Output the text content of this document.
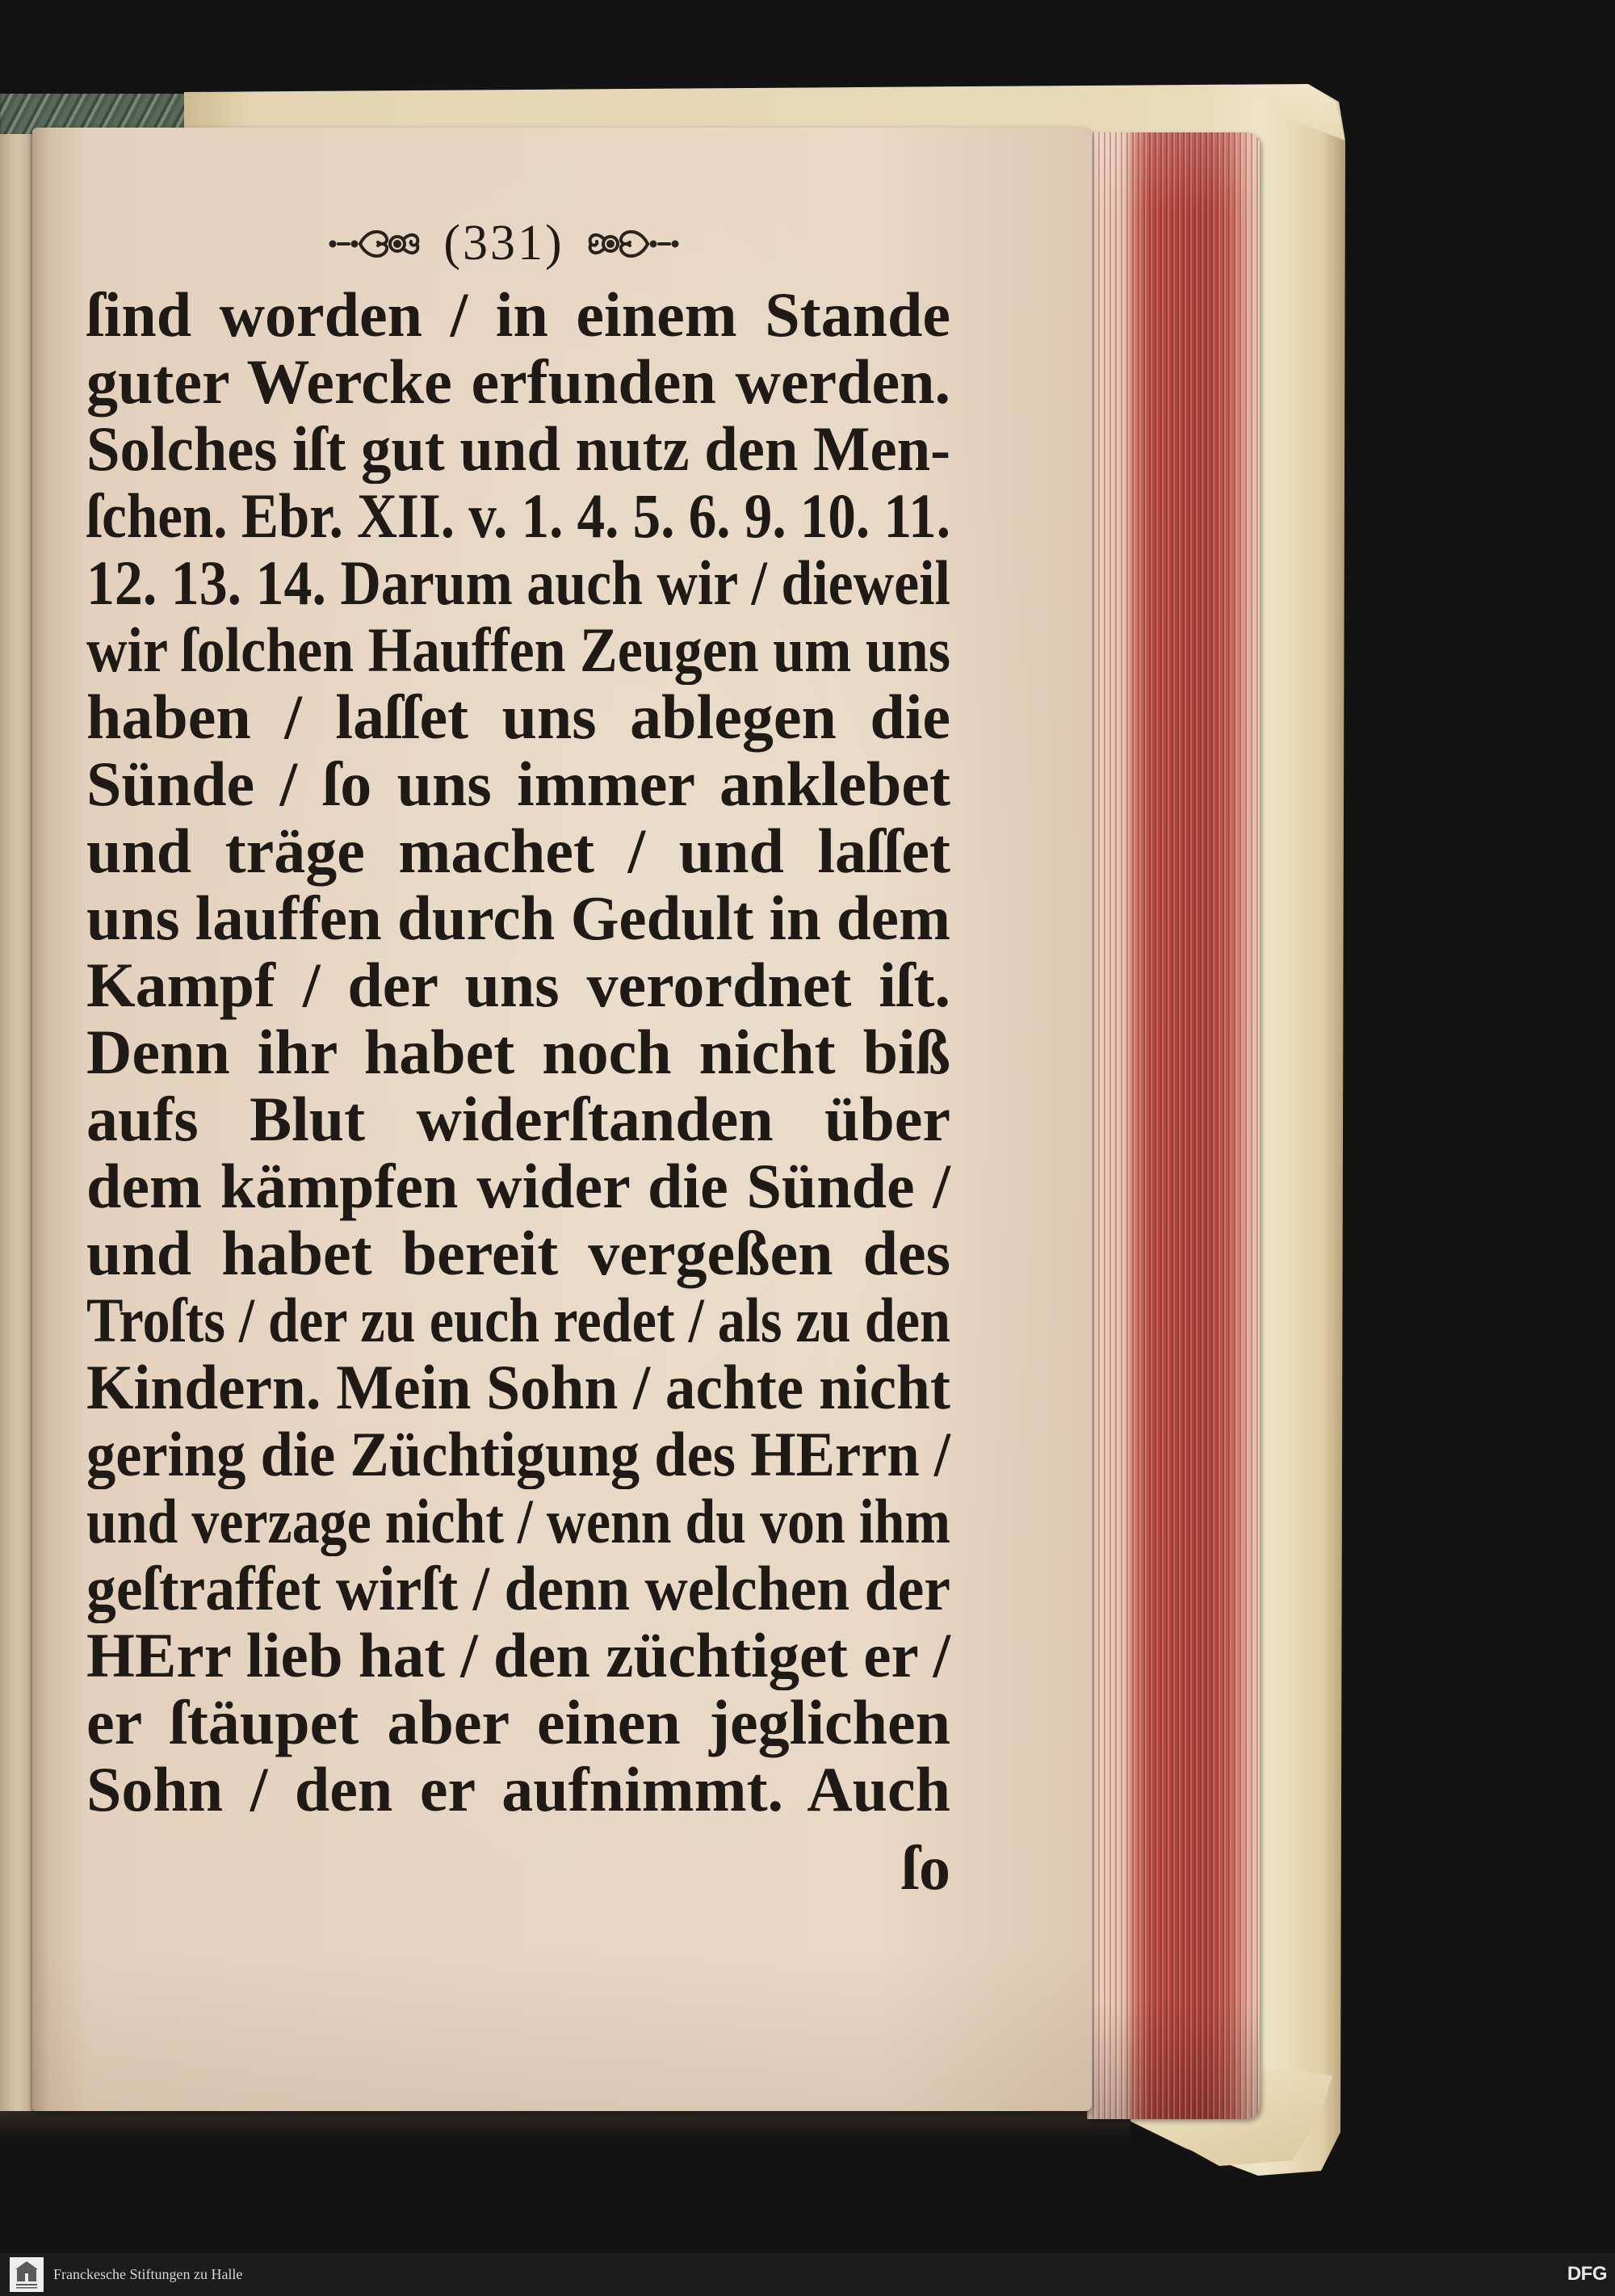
(331)
ſind worden / in einem Stande
guter Wercke erfunden werden.
Solches iſt gut und nutz den Men-
ſchen. Ebr. XII. v. 1. 4. 5. 6. 9. 10. 11.
12. 13. 14. Darum auch wir / dieweil
wir ſolchen Hauffen Zeugen um uns
haben / laſſet uns ablegen die
Sünde / ſo uns immer anklebet
und träge machet / und laſſet
uns lauffen durch Gedult in dem
Kampf / der uns verordnet iſt.
Denn ihr habet noch nicht biß
aufs Blut widerſtanden über
dem kämpfen wider die Sünde /
und habet bereit vergeßen des
Troſts / der zu euch redet / als zu den
Kindern. Mein Sohn / achte nicht
gering die Züchtigung des HErrn /
und verzage nicht / wenn du von ihm
geſtraffet wirſt / denn welchen der
HErr lieb hat / den züchtiget er /
er ſtäupet aber einen jeglichen
Sohn / den er aufnimmt. Auch
ſo
Franckesche Stiftungen zu Halle	DFG
